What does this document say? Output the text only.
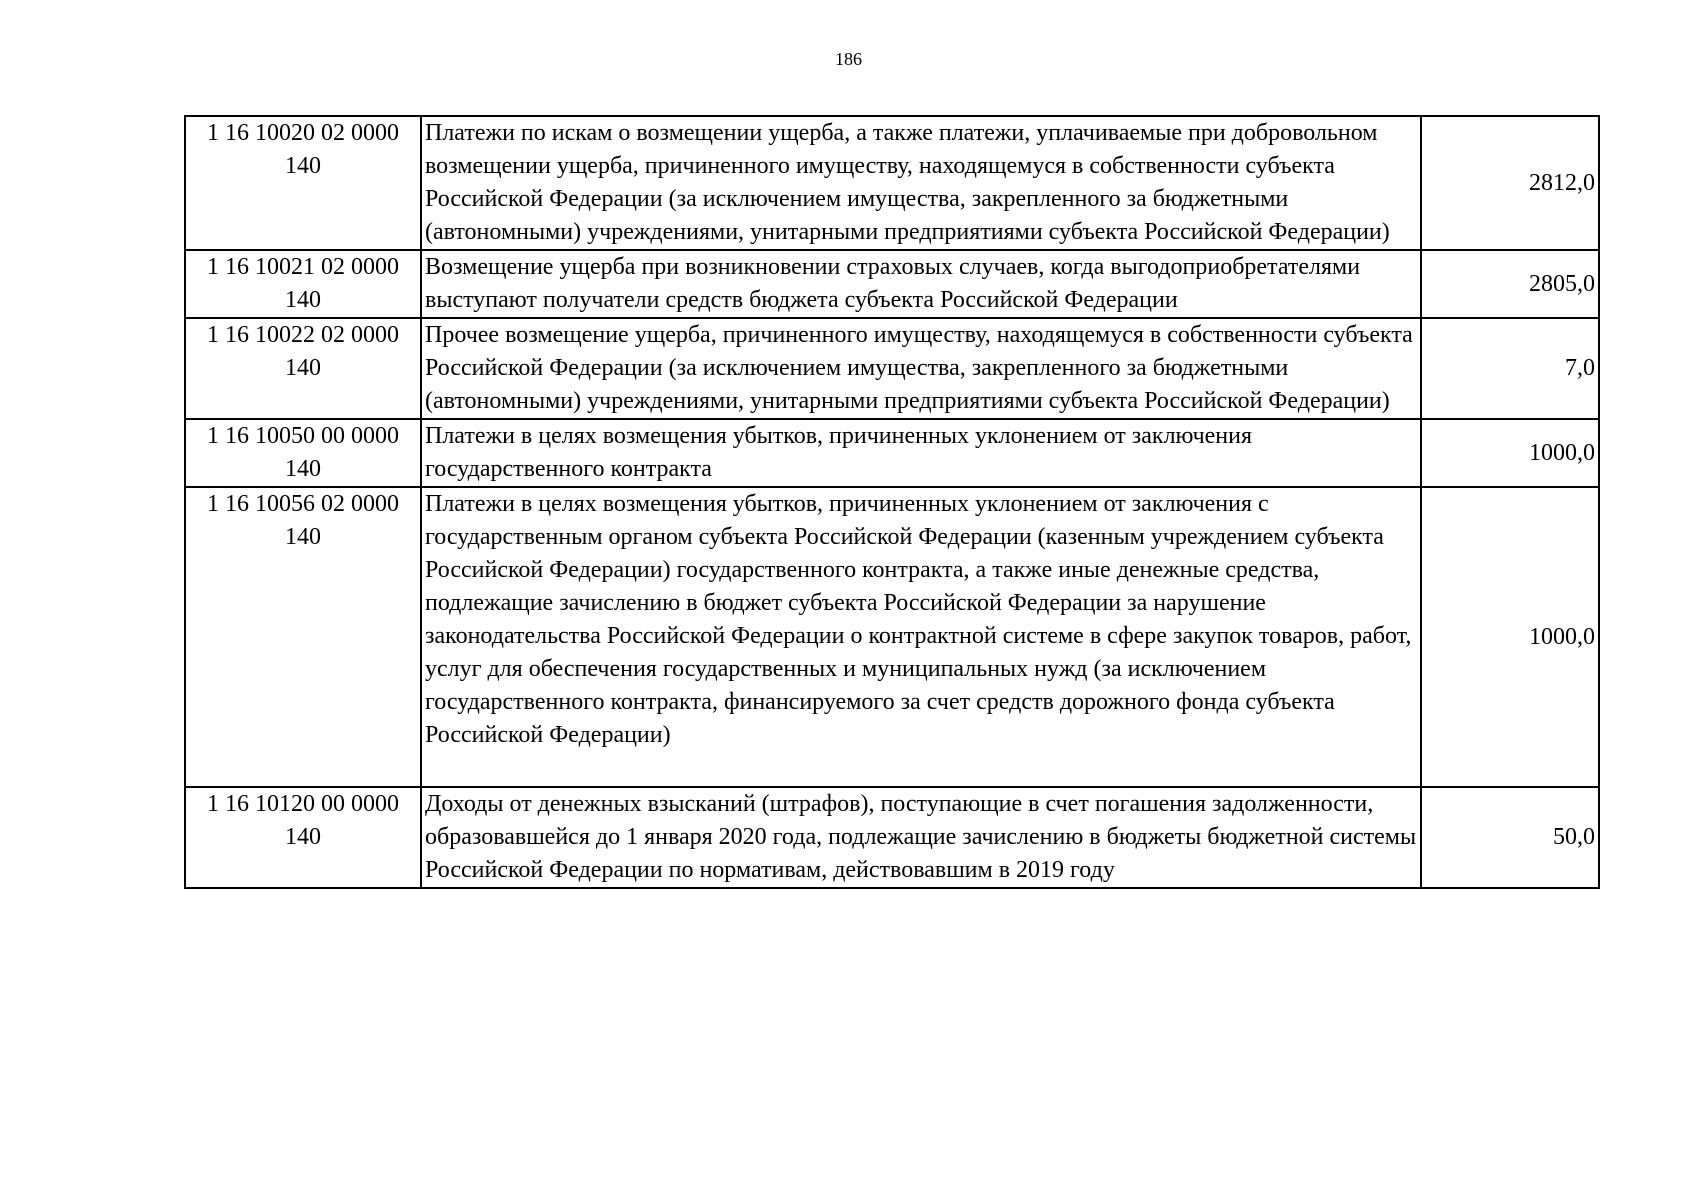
186
1 16 10020 02 0000
140	Платежи по искам о возмещении ущерба, а также платежи, уплачиваемые при добровольном возмещении ущерба, причиненного имуществу, находящемуся в собственности субъекта Российской Федерации (за исключением имущества, закрепленного за бюджетными (автономными) учреждениями, унитарными предприятиями субъекта Российской Федерации)	2812,0

1 16 10021 02 0000
140	Возмещение ущерба при возникновении страховых случаев, когда выгодоприобретателями выступают получатели средств бюджета субъекта Российской Федерации	2805,0

1 16 10022 02 0000
140	Прочее возмещение ущерба, причиненного имуществу, находящемуся в собственности субъекта Российской Федерации (за исключением имущества, закрепленного за бюджетными (автономными) учреждениями, унитарными предприятиями субъекта Российской Федерации)	7,0

1 16 10050 00 0000
140	Платежи в целях возмещения убытков, причиненных уклонением от заключения государственного контракта	1000,0

1 16 10056 02 0000
140	Платежи в целях возмещения убытков, причиненных уклонением от заключения с государственным органом субъекта Российской Федерации (казенным учреждением субъекта Российской Федерации) государственного контракта, а также иные денежные средства, подлежащие зачислению в бюджет субъекта Российской Федерации за нарушение законодательства Российской Федерации о контрактной системе в сфере закупок товаров, работ, услуг для обеспечения государственных и муниципальных нужд (за исключением государственного контракта, финансируемого за счет средств дорожного фонда субъекта Российской Федерации)	1000,0

1 16 10120 00 0000
140	Доходы от денежных взысканий (штрафов), поступающие в счет погашения задолженности, образовавшейся до 1 января 2020 года, подлежащие зачислению в бюджеты бюджетной системы Российской Федерации по нормативам, действовавшим в 2019 году	50,0
